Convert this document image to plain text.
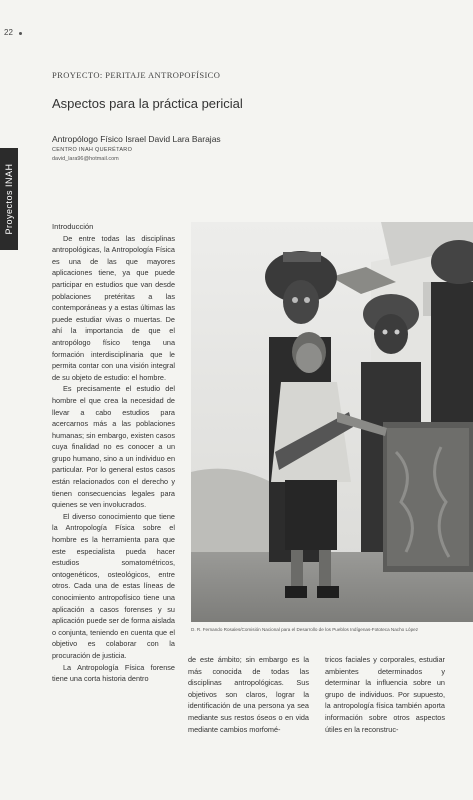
22
Proyectos INAH
PROYECTO: PERITAJE ANTROPOFÍSICO
Aspectos para la práctica pericial
Antropólogo Físico Israel David Lara Barajas
CENTRO INAH QUERÉTARO
david_lara96@hotmail.com

Introducción

De entre todas las disciplinas antropológicas, la Antropología Física es una de las que mayores aplicaciones tiene, ya que puede participar en estudios que van desde poblaciones pretéritas a las contemporáneas y a estas últimas las puede estudiar vivas o muertas. De ahí la importancia de que el antropólogo físico tenga una formación interdisciplinaria que le permita contar con una visión integral de su objeto de estudio: el hombre.

Es precisamente el estudio del hombre el que crea la necesidad de llevar a cabo estudios para acercarnos más a las poblaciones humanas; sin embargo, existen casos cuya finalidad no es conocer a un grupo humano, sino a un individuo en particular. Por lo general estos casos están relacionados con el derecho y tienen consecuencias legales para quienes se ven involucrados.

El diverso conocimiento que tiene la Antropología Física sobre el hombre es la herramienta para que este especialista pueda hacer estudios somatométricos, ontogenéticos, osteológicos, entre otros. Cada una de estas líneas de conocimiento antropofísico tiene una aplicación a casos forenses y su aplicación puede ser de forma aislada o conjunta, teniendo en cuenta que el objetivo es colaborar con la procuración de justicia.

La Antropología Física forense tiene una corta historia dentro

D. R. Fernando Rosales/Comisión Nacional para el Desarrollo de los Pueblos Indígenas-Fototeca Nacho López

de este ámbito; sin embargo es la más conocida de todas las disciplinas antropológicas. Sus objetivos son claros, lograr la identificación de una persona ya sea mediante sus restos óseos o en vida mediante cambios morfomé-

tricos faciales y corporales, estudiar ambientes determinados y determinar la influencia sobre un grupo de individuos. Por supuesto, la antropología física también aporta información sobre otros aspectos útiles en la reconstruc-
